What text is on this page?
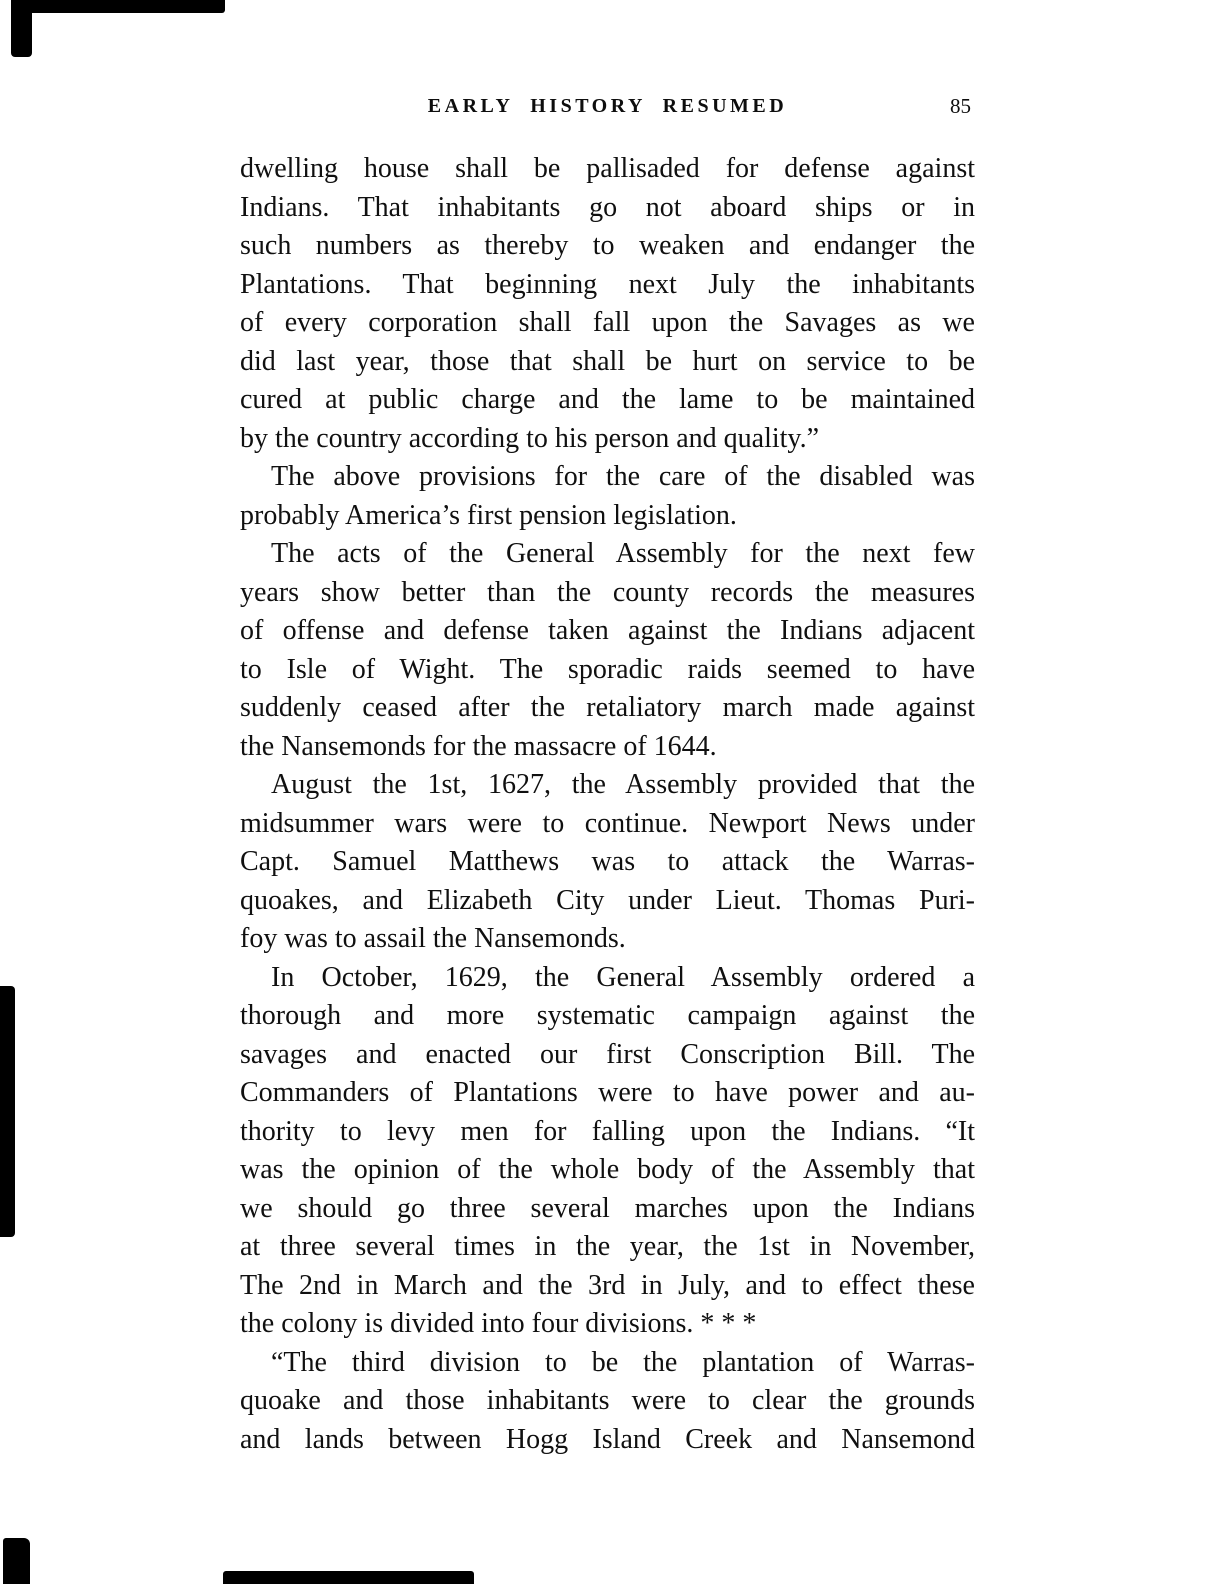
EARLY HISTORY RESUMED	85
dwelling house shall be pallisaded for defense against
Indians. That inhabitants go not aboard ships or in
such numbers as thereby to weaken and endanger the
Plantations. That beginning next July the inhabitants
of every corporation shall fall upon the Savages as we
did last year, those that shall be hurt on service to be
cured at public charge and the lame to be maintained
by the country according to his person and quality.”
The above provisions for the care of the disabled was
probably America’s first pension legislation.
The acts of the General Assembly for the next few
years show better than the county records the measures
of offense and defense taken against the Indians adjacent
to Isle of Wight. The sporadic raids seemed to have
suddenly ceased after the retaliatory march made against
the Nansemonds for the massacre of 1644.
August the 1st, 1627, the Assembly provided that the
midsummer wars were to continue. Newport News under
Capt. Samuel Matthews was to attack the Warras-
quoakes, and Elizabeth City under Lieut. Thomas Puri-
foy was to assail the Nansemonds.
In October, 1629, the General Assembly ordered a
thorough and more systematic campaign against the
savages and enacted our first Conscription Bill. The
Commanders of Plantations were to have power and au-
thority to levy men for falling upon the Indians. “It
was the opinion of the whole body of the Assembly that
we should go three several marches upon the Indians
at three several times in the year, the 1st in November,
The 2nd in March and the 3rd in July, and to effect these
the colony is divided into four divisions. * * *
“The third division to be the plantation of Warras-
quoake and those inhabitants were to clear the grounds
and lands between Hogg Island Creek and Nansemond
